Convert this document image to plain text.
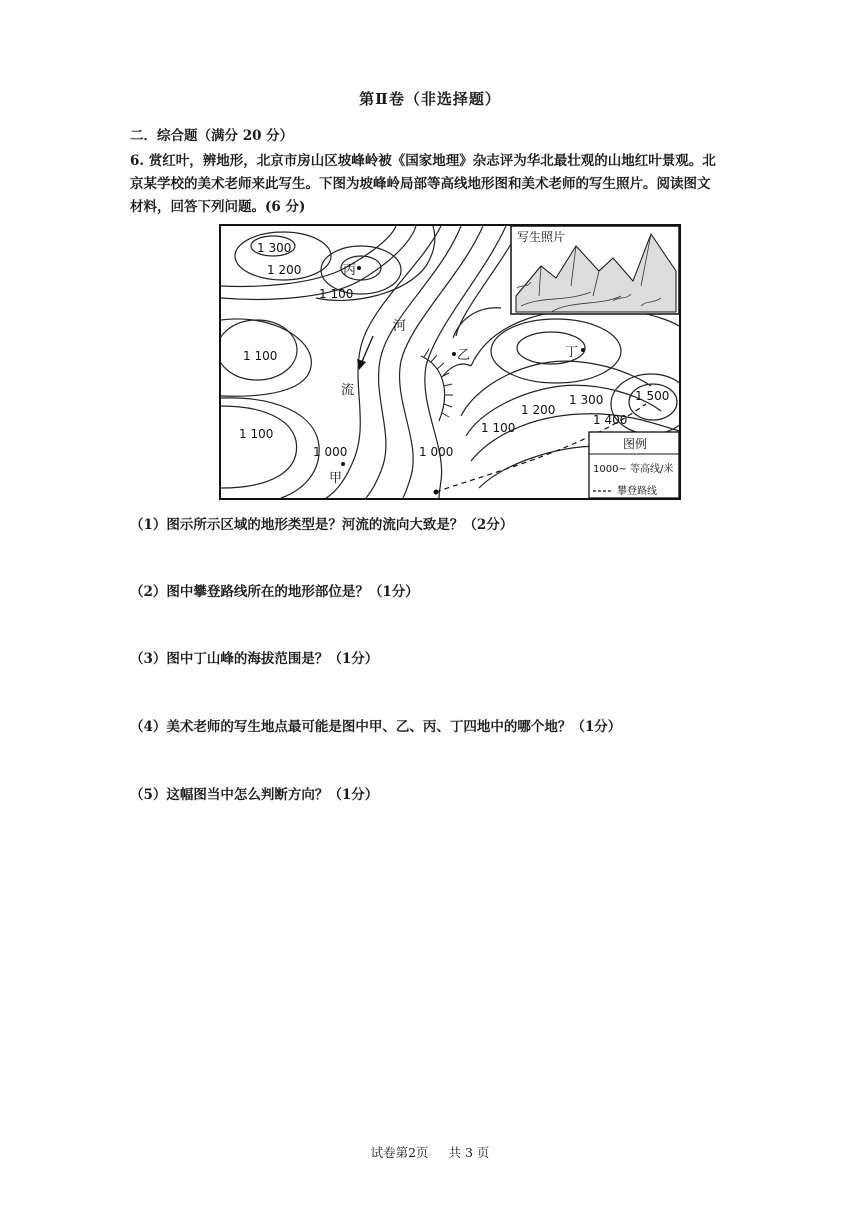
第Ⅱ卷（非选择题）
二．综合题（满分 20 分）
6. 赏红叶，辨地形，北京市房山区坡峰岭被《国家地理》杂志评为华北最壮观的山地红叶景观。北
京某学校的美术老师来此写生。下图为坡峰岭局部等高线地形图和美术老师的写生照片。阅读图文
材料，回答下列问题。(6 分)
写生照片
河
流
1 300
1 200
1 100
1 100
1 100
1 000	1 000
1 100
1 200
1 300
1 400
1 500
丙
乙	丁
甲
图例
1000~ 等高线/米
攀登路线
（1）图示所示区域的地形类型是？河流的流向大致是？（2分）
（2）图中攀登路线所在的地形部位是？（1分）
（3）图中丁山峰的海拔范围是？（1分）
（4）美术老师的写生地点最可能是图中甲、乙、丙、丁四地中的哪个地？（1分）
（5）这幅图当中怎么判断方向？（1分）
试卷第2页 共 3 页
